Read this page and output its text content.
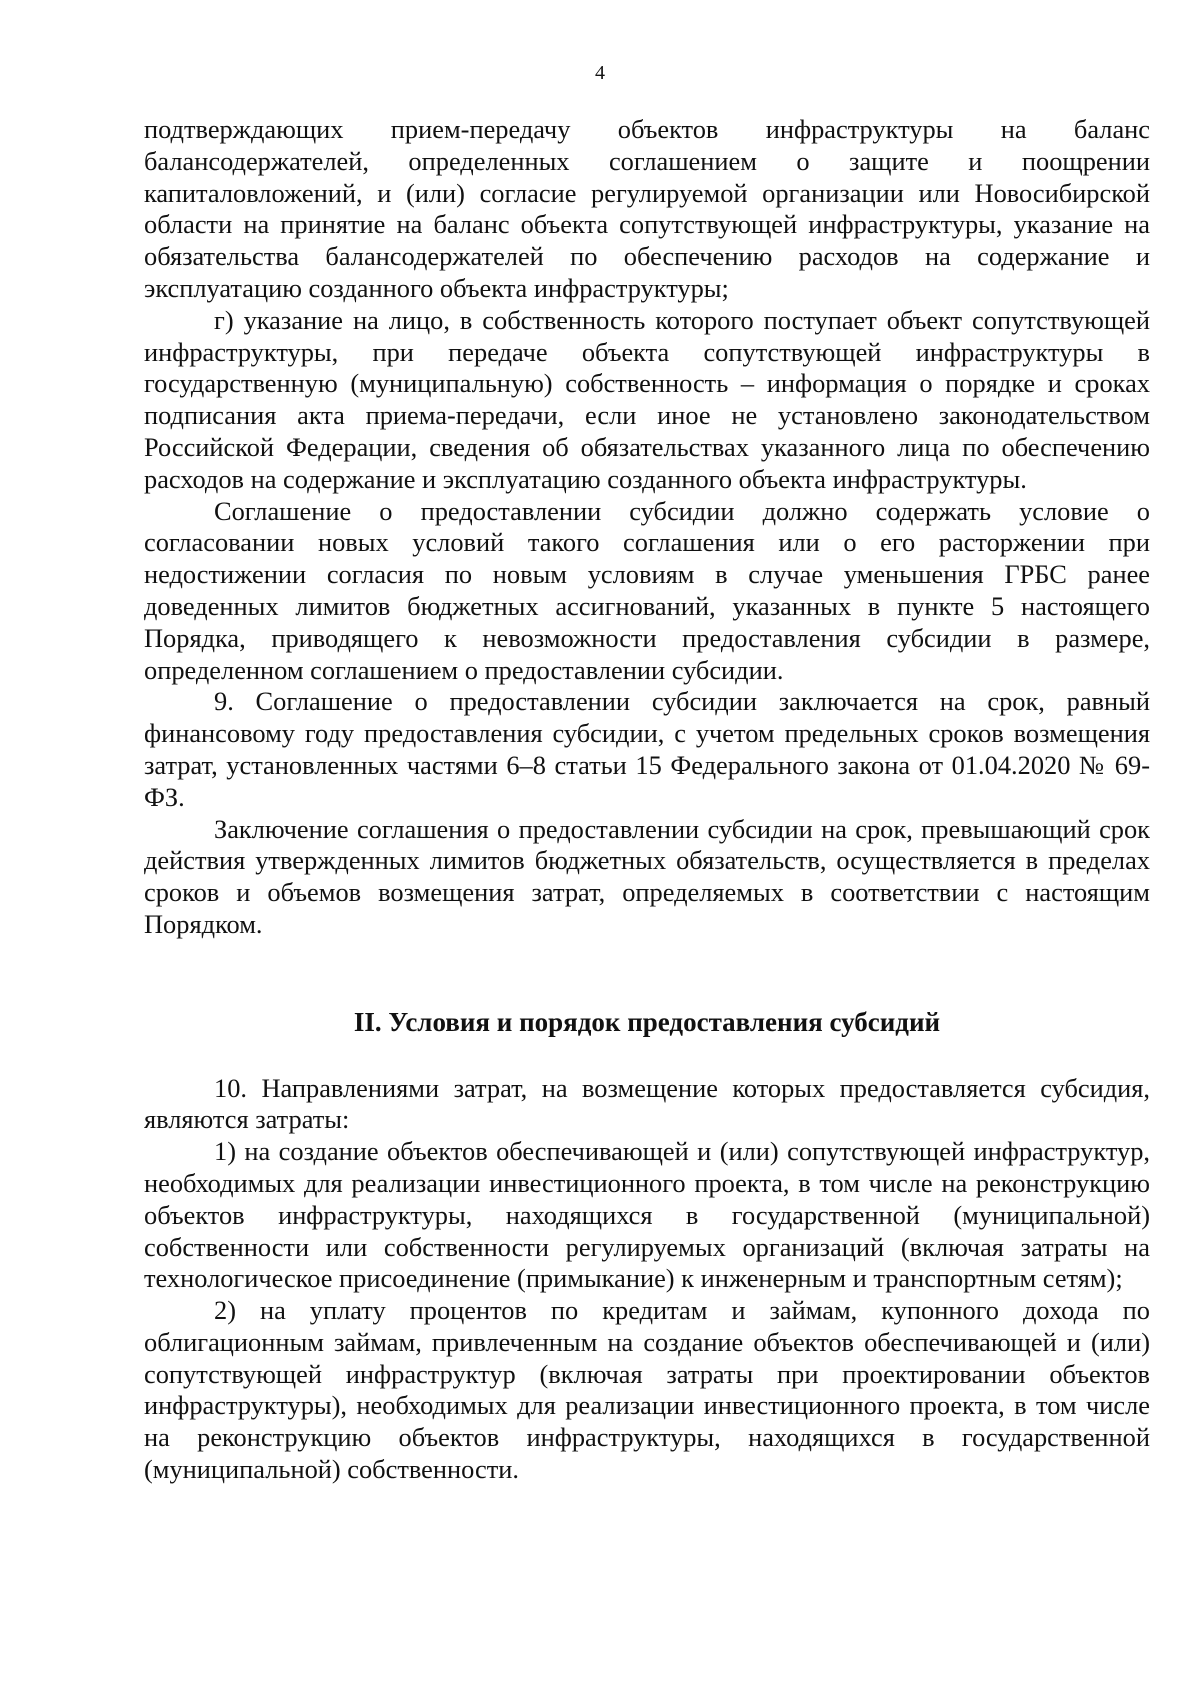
4

подтверждающих прием-передачу объектов инфраструктуры на баланс балансодержателей, определенных соглашением о защите и поощрении капиталовложений, и (или) согласие регулируемой организации или Новосибирской области на принятие на баланс объекта сопутствующей инфраструктуры, указание на обязательства балансодержателей по обеспечению расходов на содержание и эксплуатацию созданного объекта инфраструктуры;

г) указание на лицо, в собственность которого поступает объект сопутствующей инфраструктуры, при передаче объекта сопутствующей инфраструктуры в государственную (муниципальную) собственность – информация о порядке и сроках подписания акта приема-передачи, если иное не установлено законодательством Российской Федерации, сведения об обязательствах указанного лица по обеспечению расходов на содержание и эксплуатацию созданного объекта инфраструктуры.

Соглашение о предоставлении субсидии должно содержать условие о согласовании новых условий такого соглашения или о его расторжении при недостижении согласия по новым условиям в случае уменьшения ГРБС ранее доведенных лимитов бюджетных ассигнований, указанных в пункте 5 настоящего Порядка, приводящего к невозможности предоставления субсидии в размере, определенном соглашением о предоставлении субсидии.

9. Соглашение о предоставлении субсидии заключается на срок, равный финансовому году предоставления субсидии, с учетом предельных сроков возмещения затрат, установленных частями 6–8 статьи 15 Федерального закона от 01.04.2020 № 69-ФЗ.

Заключение соглашения о предоставлении субсидии на срок, превышающий срок действия утвержденных лимитов бюджетных обязательств, осуществляется в пределах сроков и объемов возмещения затрат, определяемых в соответствии с настоящим Порядком.

II. Условия и порядок предоставления субсидий

10. Направлениями затрат, на возмещение которых предоставляется субсидия, являются затраты:

1) на создание объектов обеспечивающей и (или) сопутствующей инфраструктур, необходимых для реализации инвестиционного проекта, в том числе на реконструкцию объектов инфраструктуры, находящихся в государственной (муниципальной) собственности или собственности регулируемых организаций (включая затраты на технологическое присоединение (примыкание) к инженерным и транспортным сетям);

2) на уплату процентов по кредитам и займам, купонного дохода по облигационным займам, привлеченным на создание объектов обеспечивающей и (или) сопутствующей инфраструктур (включая затраты при проектировании объектов инфраструктуры), необходимых для реализации инвестиционного проекта, в том числе на реконструкцию объектов инфраструктуры, находящихся в государственной (муниципальной) собственности.
